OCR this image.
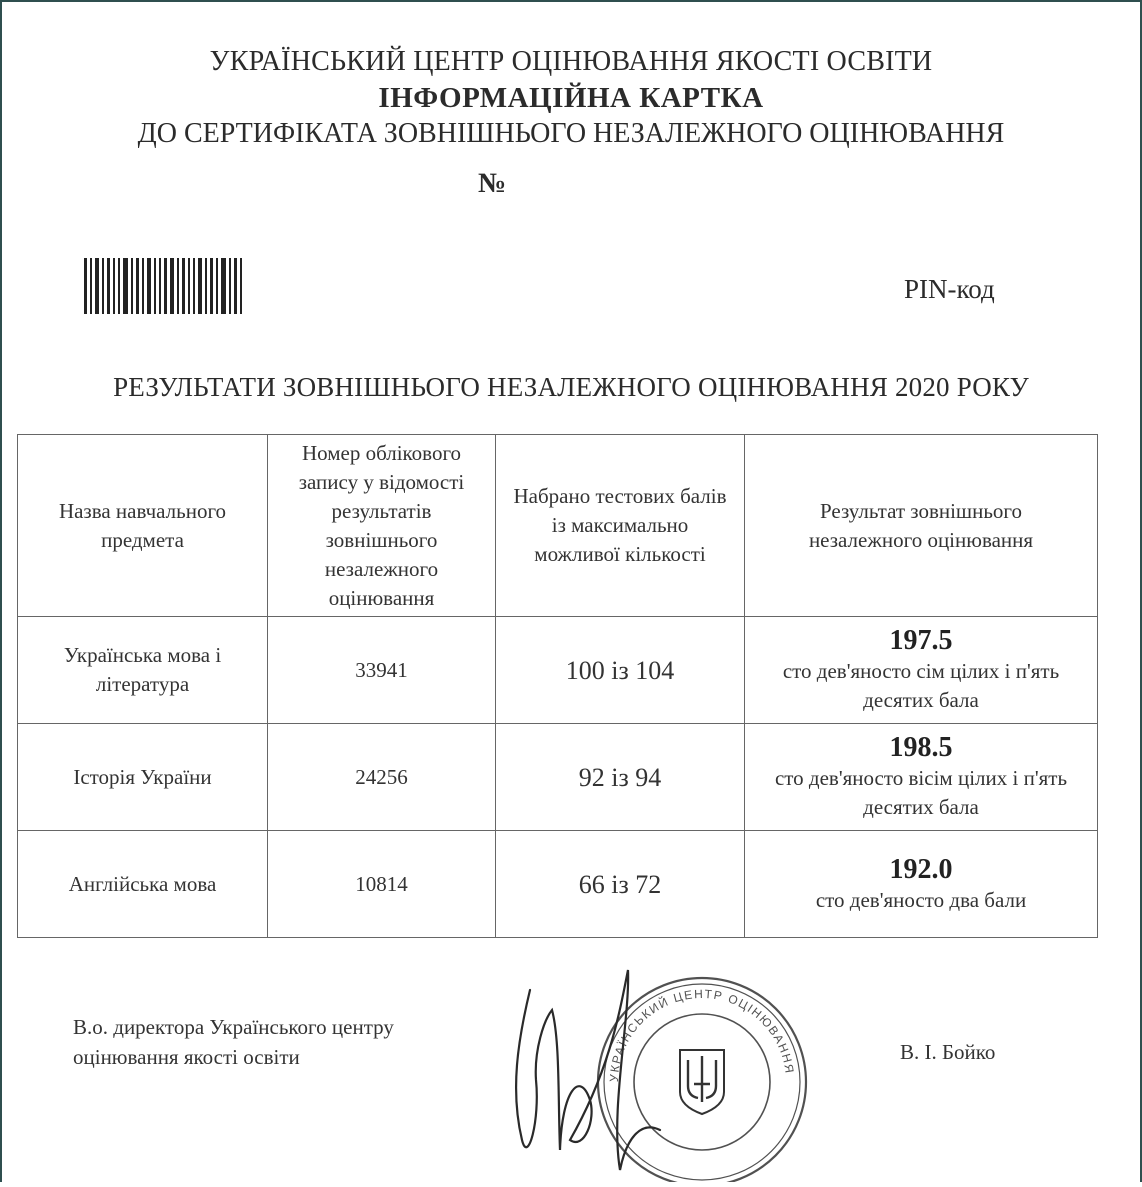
УКРАЇНСЬКИЙ ЦЕНТР ОЦІНЮВАННЯ ЯКОСТІ ОСВІТИ
ІНФОРМАЦІЙНА КАРТКА
ДО СЕРТИФІКАТА ЗОВНІШНЬОГО НЕЗАЛЕЖНОГО ОЦІНЮВАННЯ
№
PIN-код
РЕЗУЛЬТАТИ ЗОВНІШНЬОГО НЕЗАЛЕЖНОГО ОЦІНЮВАННЯ 2020 РОКУ
Назва навчального предмета	Номер облікового запису у відомості результатів зовнішнього незалежного оцінювання	Набрано тестових балів із максимально можливої кількості	Результат зовнішнього незалежного оцінювання
Українська мова і література	33941	100 із 104	197.5
сто дев'яносто сім цілих і п'ять десятих бала

Історія України	24256	92 із 94	198.5
сто дев'яносто вісім цілих і п'ять десятих бала

Англійська мова	10814	66 із 72	192.0
сто дев'яносто два бали
В.о. директора Українського центру оцінювання якості освіти	В. І. Бойко
УКРАЇНСЬКИЙ ЦЕНТР ОЦІНЮВАННЯ
